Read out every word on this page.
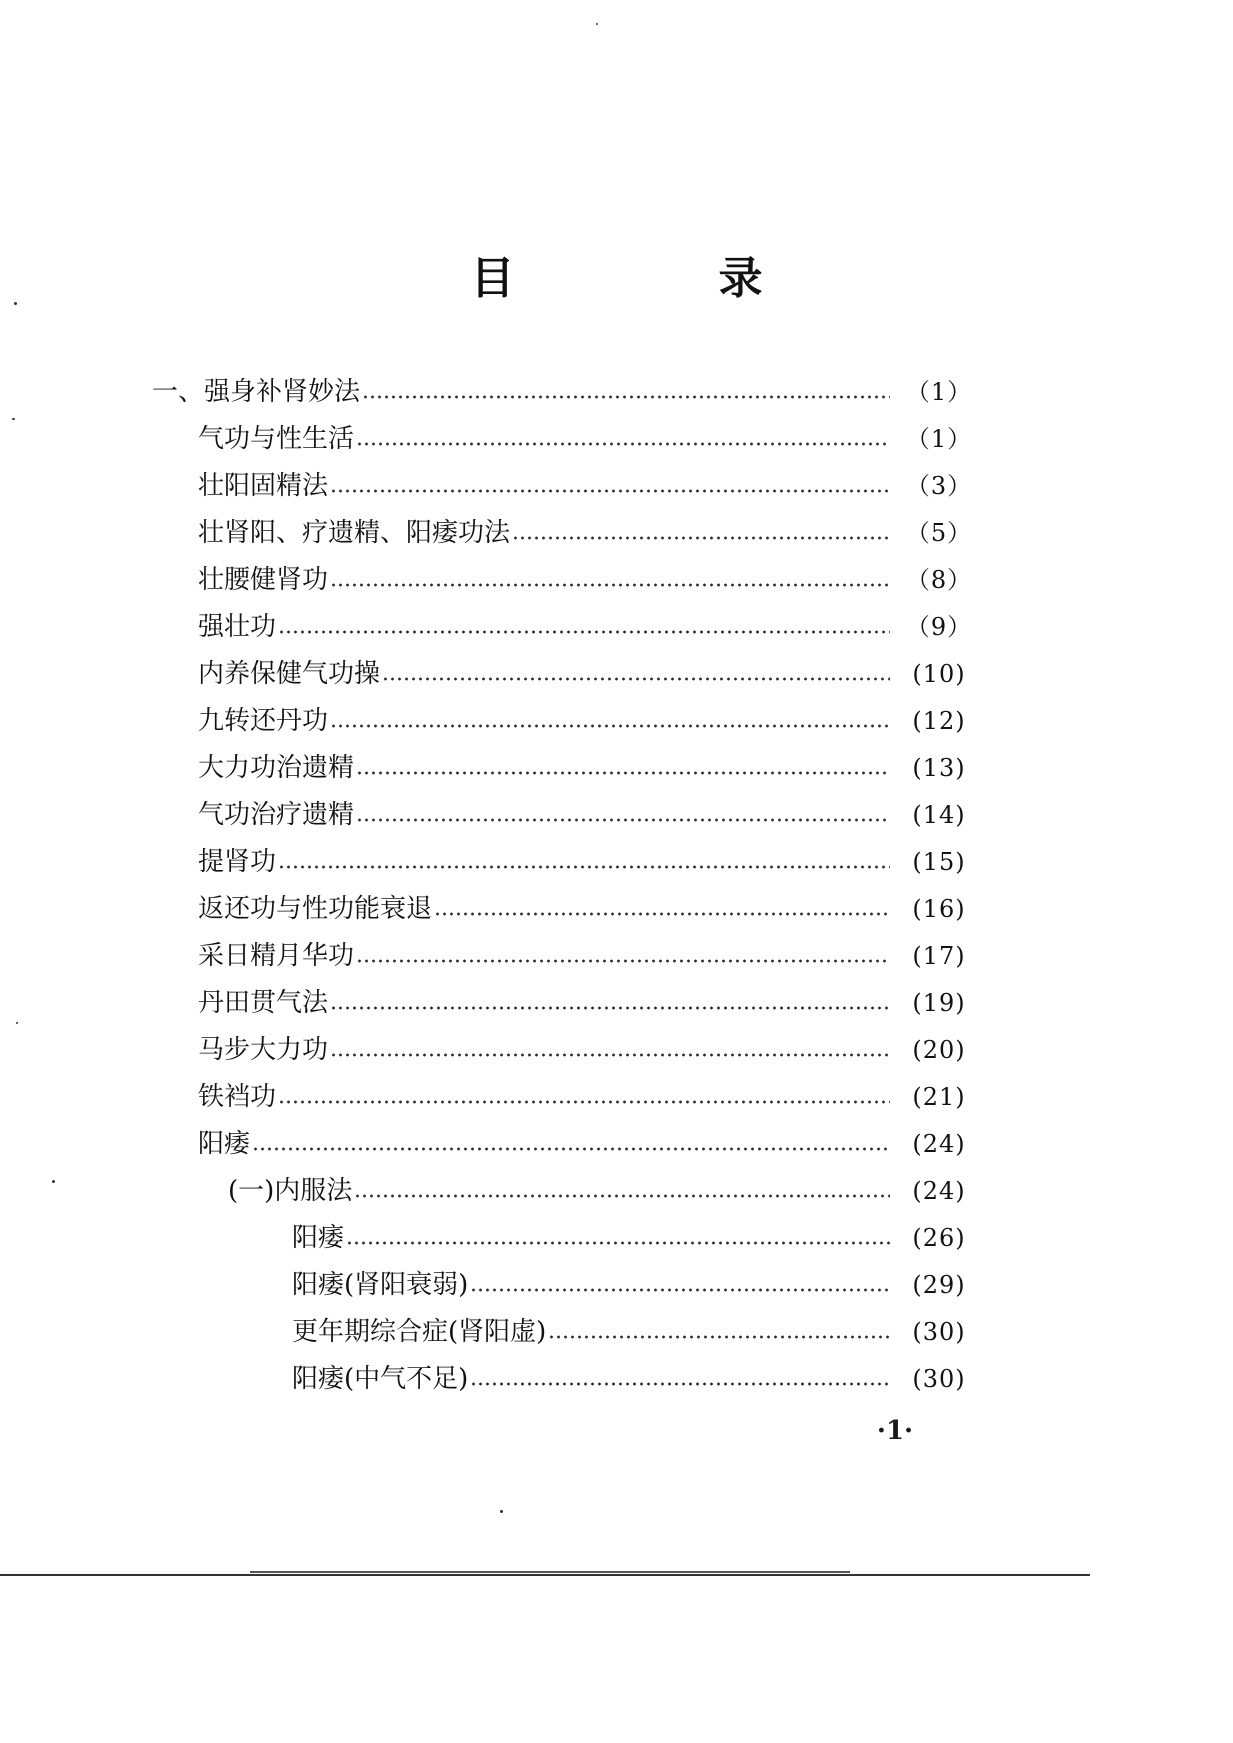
目　录
一、强身补肾妙法	（1）
气功与性生活	（1）
壮阳固精法	（3）
壮肾阳、疗遗精、阳痿功法	（5）
壮腰健肾功	（8）
强壮功	（9）
内养保健气功操	(10)
九转还丹功	(12)
大力功治遗精	(13)
气功治疗遗精	(14)
提肾功	(15)
返还功与性功能衰退	(16)
采日精月华功	(17)
丹田贯气法	(19)
马步大力功	(20)
铁裆功	(21)
阳痿	(24)
(一)内服法	(24)
阳痿	(26)
阳痿(肾阳衰弱)	(29)
更年期综合症(肾阳虚)	(30)
阳痿(中气不足)	(30)
·1·
